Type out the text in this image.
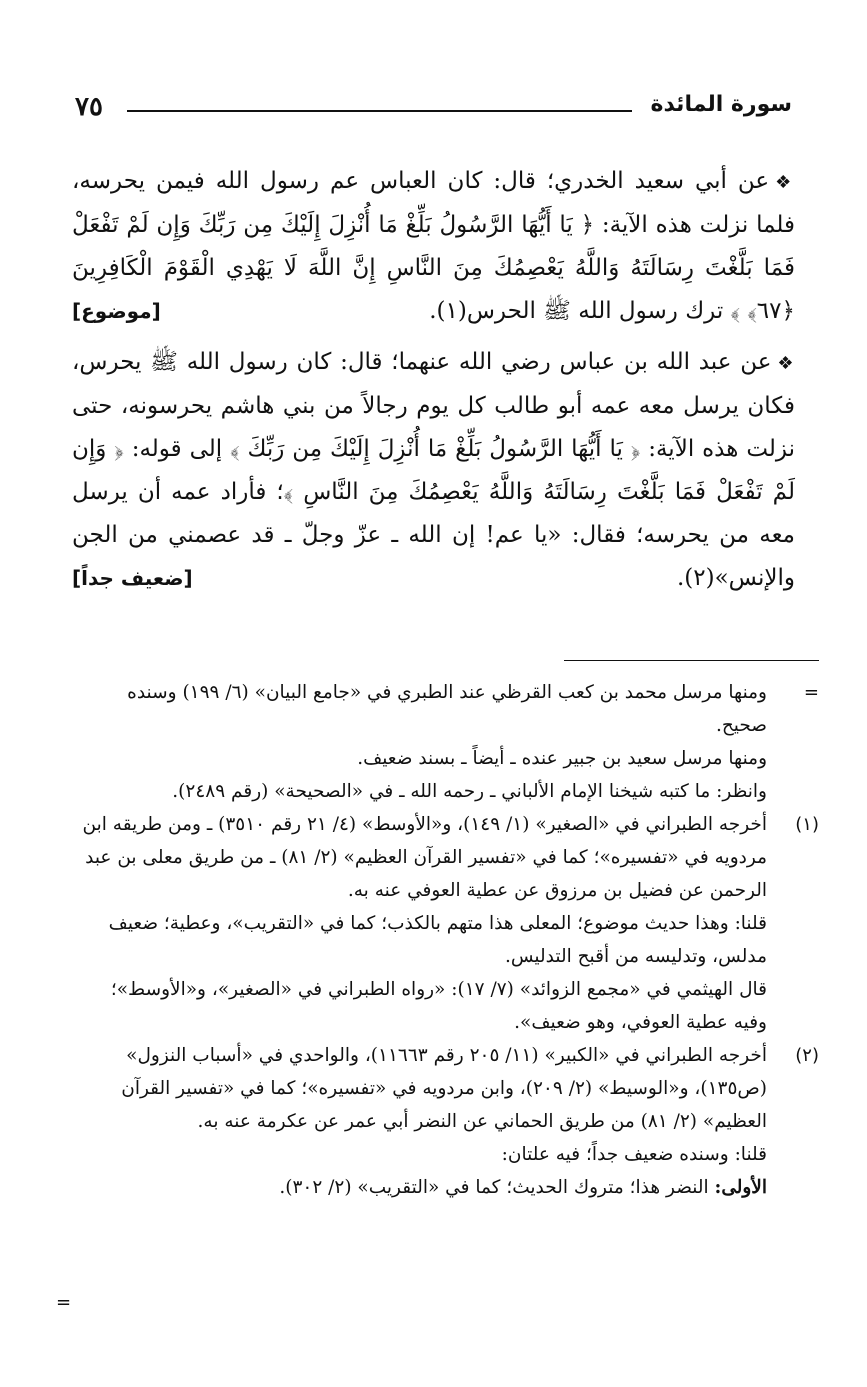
٧٥	سورة المائدة

❖عن أبي سعيد الخدري؛ قال: كان العباس عم رسول الله فيمن يحرسه، فلما نزلت هذه الآية: ﴿ يَا أَيُّهَا الرَّسُولُ بَلِّغْ مَا أُنْزِلَ إِلَيْكَ مِن رَبِّكَ وَإِن لَمْ تَفْعَلْ فَمَا بَلَّغْتَ رِسَالَتَهُ وَاللَّهُ يَعْصِمُكَ مِنَ النَّاسِ إِنَّ اللَّهَ لَا يَهْدِي الْقَوْمَ الْكَافِرِينَ ﴿٦٧﴾ ﴾ ترك رسول الله ﷺ الحرس(١).
[موضوع]

❖عن عبد الله بن عباس رضي الله عنهما؛ قال: كان رسول الله ﷺ يحرس، فكان يرسل معه عمه أبو طالب كل يوم رجالاً من بني هاشم يحرسونه، حتى نزلت هذه الآية: ﴿ يَا أَيُّهَا الرَّسُولُ بَلِّغْ مَا أُنْزِلَ إِلَيْكَ مِن رَبِّكَ ﴾ إلى قوله: ﴿ وَإِن لَمْ تَفْعَلْ فَمَا بَلَّغْتَ رِسَالَتَهُ وَاللَّهُ يَعْصِمُكَ مِنَ النَّاسِ ﴾؛ فأراد عمه أن يرسل معه من يحرسه؛ فقال: «يا عم! إن الله ـ عزّ وجلّ ـ قد عصمني من الجن والإنس»(٢).
[ضعيف جداً]

=

ومنها مرسل محمد بن كعب القرظي عند الطبري في «جامع البيان» (٦/ ١٩٩) وسنده صحيح.

ومنها مرسل سعيد بن جبير عنده ـ أيضاً ـ بسند ضعيف.

وانظر: ما كتبه شيخنا الإمام الألباني ـ رحمه الله ـ في «الصحيحة» (رقم ٢٤٨٩).

(١)

أخرجه الطبراني في «الصغير» (١/ ١٤٩)، و«الأوسط» (٤/ ٢١ رقم ٣٥١٠) ـ ومن طريقه ابن مردويه في «تفسيره»؛ كما في «تفسير القرآن العظيم» (٢/ ٨١) ـ من طريق معلى بن عبد الرحمن عن فضيل بن مرزوق عن عطية العوفي عنه به.

قلنا: وهذا حديث موضوع؛ المعلى هذا متهم بالكذب؛ كما في «التقريب»، وعطية؛ ضعيف مدلس، وتدليسه من أقبح التدليس.

قال الهيثمي في «مجمع الزوائد» (٧/ ١٧): «رواه الطبراني في «الصغير»، و«الأوسط»؛ وفيه عطية العوفي، وهو ضعيف».

(٢)

أخرجه الطبراني في «الكبير» (١١/ ٢٠٥ رقم ١١٦٦٣)، والواحدي في «أسباب النزول» (ص١٣٥)، و«الوسيط» (٢/ ٢٠٩)، وابن مردويه في «تفسيره»؛ كما في «تفسير القرآن العظيم» (٢/ ٨١) من طريق الحماني عن النضر أبي عمر عن عكرمة عنه به.

قلنا: وسنده ضعيف جداً؛ فيه علتان:

الأولى: النضر هذا؛ متروك الحديث؛ كما في «التقريب» (٢/ ٣٠٢).

=
